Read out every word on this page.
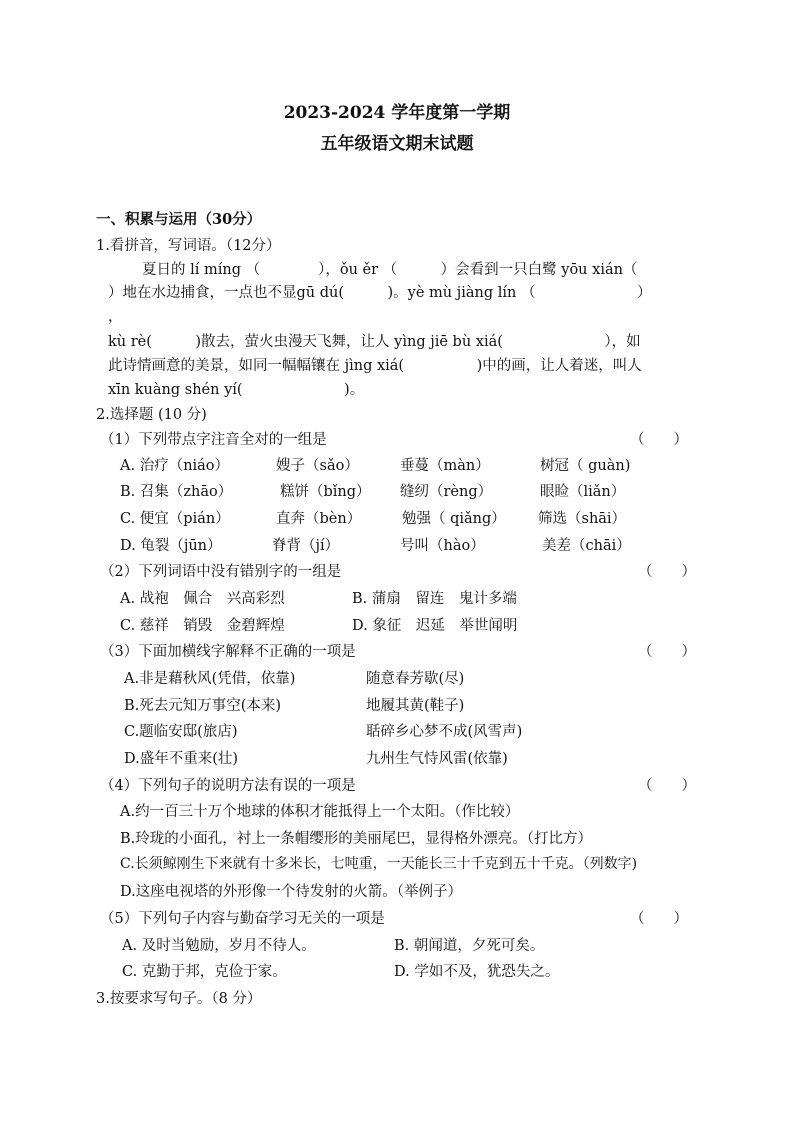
2023-2024 学年度第一学期
五年级语文期末试题
一、积累与运用（30分）
1.看拼音，写词语。（12分）
夏日的 lí míng （　　　　），ǒu ěr （　　　）会看到一只白鹭 yōu xián（
）地在水边捕食，一点也不显gū dú(　　　)。yè mù jiàng lín （　　　　　　　）
，
kù rè(　　　)散去，萤火虫漫天飞舞，让人 yìng jiē bù xiá(　　　　　　　），如
此诗情画意的美景，如同一幅幅镶在 jìng xiá(　　　　　)中的画，让人着迷，叫人
xīn kuàng shén yí(　　　　　　　)。
2.选择题 (10 分)
（1）下列带点字注音全对的一组是	（　　）
A. 治疗（niáo）	嫂子（sǎo）	垂蔓（màn）	树冠（ guàn)
B. 召集（zhāo）	糕饼（bǐng） 缝纫（rèng）	眼睑（liǎn）
C. 便宜（pián）	直奔（bèn）	勉强（ qiǎng） 筛选（shāi）
D. 龟裂（jūn）	脊背（jí）	号叫（hào）	美差（chāi）
（2）下列词语中没有错别字的一组是	（　　）
A. 战袍　佩合　兴高彩烈	B. 蒲扇　留连　鬼计多端
C. 慈祥　销毁　金碧辉煌	D. 象征　迟延　举世闻明
（3）下面加横线字解释不正确的一项是	（　　）
A.非是藉秋风(凭借，依靠)	随意春芳歇(尽)
B.死去元知万事空(本来)	地履其黄(鞋子)
C.题临安邸(旅店)	聒碎乡心梦不成(风雪声)
D.盛年不重来(壮)	九州生气恃风雷(依靠)
（4）下列句子的说明方法有误的一项是	（　　）
A.约一百三十万个地球的体积才能抵得上一个太阳。（作比较）
B.玲珑的小面孔，衬上一条帽缨形的美丽尾巴，显得格外漂亮。（打比方）
C.长须鲸刚生下来就有十多米长，七吨重，一天能长三十千克到五十千克。（列数字)
D.这座电视塔的外形像一个待发射的火箭。（举例子）
（5）下列句子内容与勤奋学习无关的一项是	（　　）
A. 及时当勉励，岁月不待人。	B. 朝闻道，夕死可矣。
C. 克勤于邦，克俭于家。	D. 学如不及，犹恐失之。
3.按要求写句子。（8 分）
